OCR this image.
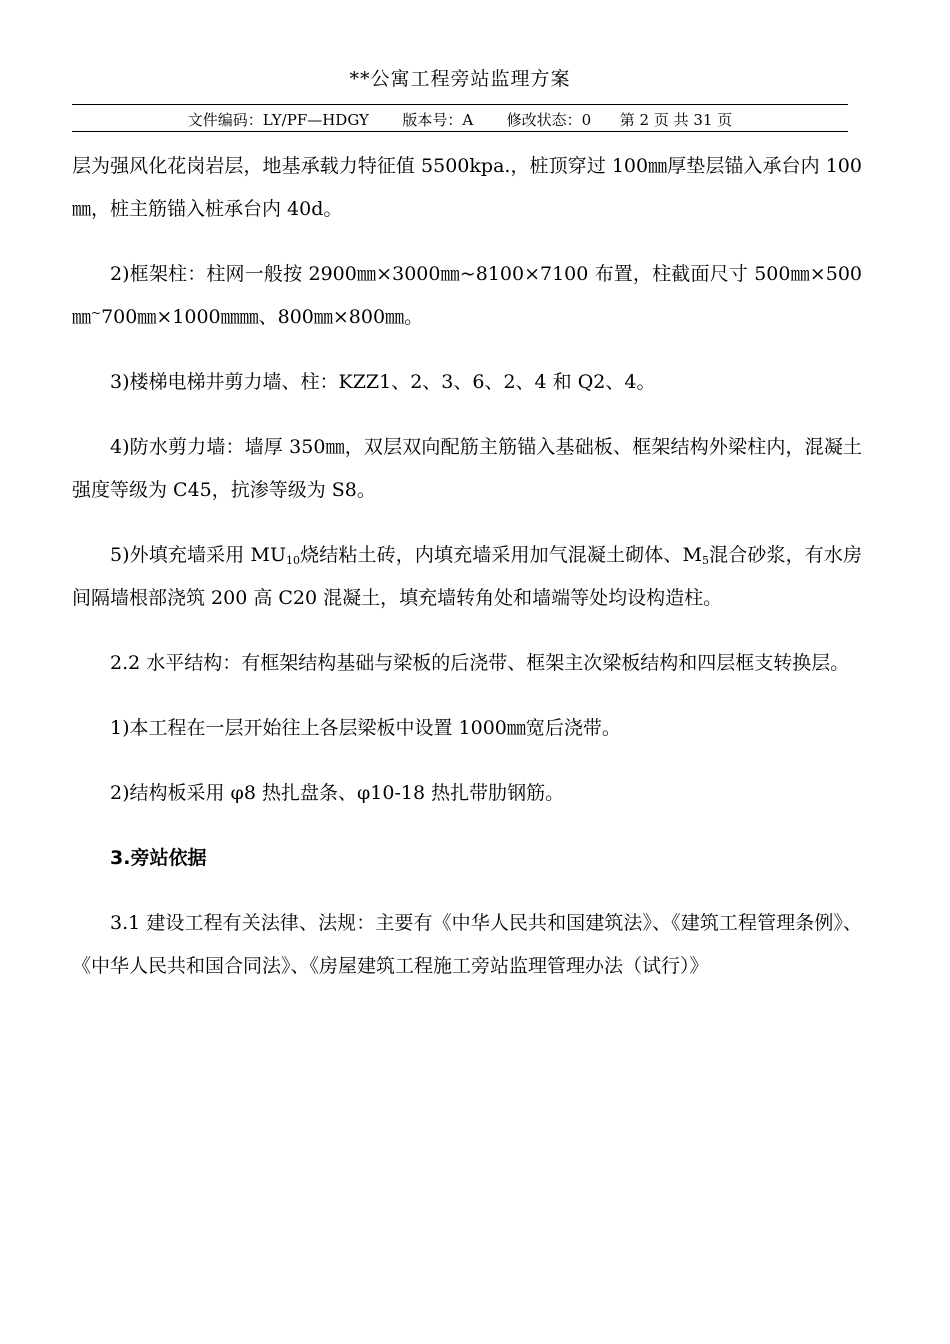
**公寓工程旁站监理方案
文件编码：LY/PF—HDGY 版本号：A 修改状态：0 第 2 页 共 31 页

层为强风化花岗岩层，地基承载力特征值 5500kpa.，桩顶穿过 100㎜厚垫层锚入承台内 100㎜，桩主筋锚入桩承台内 40d。

2)框架柱：柱网一般按 2900㎜×3000㎜~8100×7100 布置，柱截面尺寸 500㎜×500㎜~700㎜×1000㎜㎜、800㎜×800㎜。

3)楼梯电梯井剪力墙、柱：KZZ1、2、3、6、2、4 和 Q2、4。

4)防水剪力墙：墙厚 350㎜，双层双向配筋主筋锚入基础板、框架结构外梁柱内，混凝土强度等级为 C45，抗渗等级为 S8。

5)外填充墙采用 $MU_{10}$烧结粘土砖，内填充墙采用加气混凝土砌体、$M_5$混合砂浆，有水房间隔墙根部浇筑 200 高 C20 混凝土，填充墙转角处和墙端等处均设构造柱。

2.2 水平结构：有框架结构基础与梁板的后浇带、框架主次梁板结构和四层框支转换层。

1)本工程在一层开始往上各层梁板中设置 1000㎜宽后浇带。

2)结构板采用 φ8 热扎盘条、φ10-18 热扎带肋钢筋。

3.旁站依据

3.1 建设工程有关法律、法规：主要有《中华人民共和国建筑法》、《建筑工程管理条例》、《中华人民共和国合同法》、《房屋建筑工程施工旁站监理管理办法（试行）》
